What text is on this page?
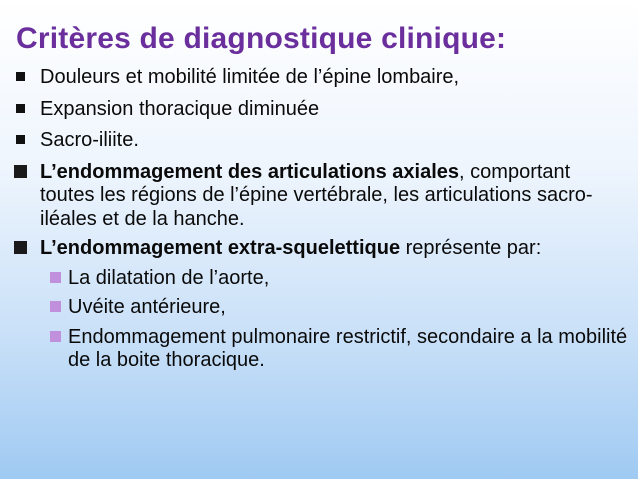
Critères de diagnostique clinique:
Douleurs et mobilité limitée de l’épine lombaire,
Expansion thoracique diminuée
Sacro-iliite.
L’endommagement des articulations axiales, comportant toutes les régions de l’épine vertébrale, les articulations sacro-iléales et de la hanche.
L’endommagement extra-squelettique représente par:
La dilatation de l’aorte,
Uvéite antérieure,
Endommagement pulmonaire restrictif, secondaire a la mobilité de la boite thoracique.
